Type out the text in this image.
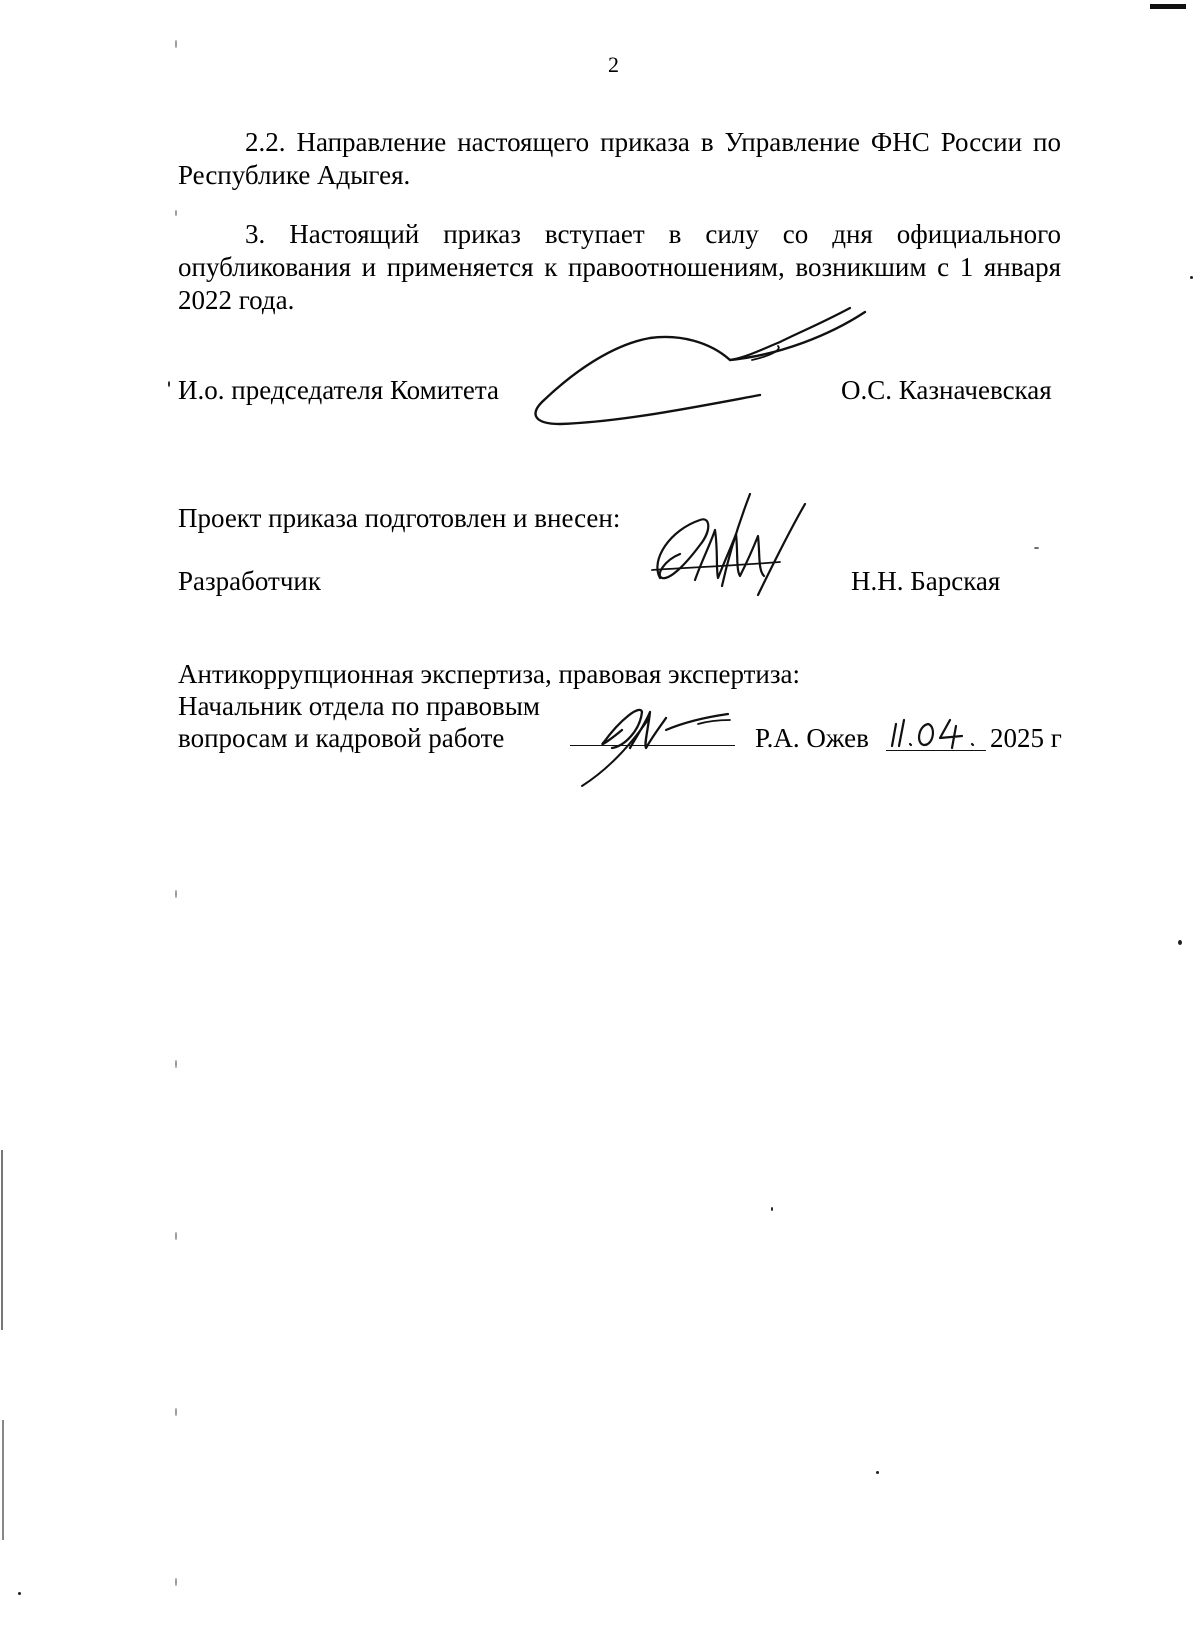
2
2.2. Направление настоящего приказа в Управление ФНС России по
Республике Адыгея.
3. Настоящий приказ вступает в силу со дня официального
опубликования и применяется к правоотношениям, возникшим с 1 января
2022 года.
И.о. председателя Комитета	О.С. Казначевская
Проект приказа подготовлен и внесен:
Разработчик	Н.Н. Барская
Антикоррупционная экспертиза, правовая экспертиза:
Начальник отдела по правовым
вопросам и кадровой работе	Р.А. Ожев	2025 г
